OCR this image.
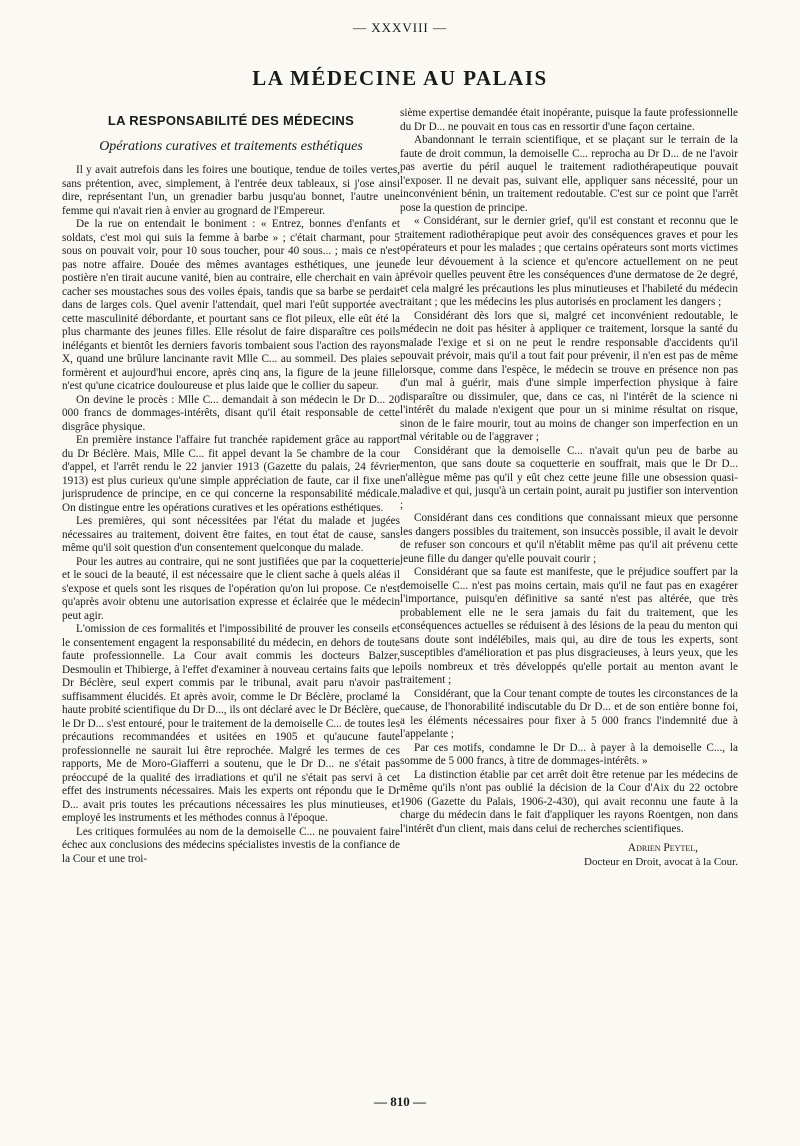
— XXXVIII —
LA MÉDECINE AU PALAIS
LA RESPONSABILITÉ DES MÉDECINS
Opérations curatives et traitements esthétiques

Il y avait autrefois dans les foires une boutique, tendue de toiles vertes, sans prétention, avec, simplement, à l'entrée deux tableaux, si j'ose ainsi dire, représentant l'un, un grenadier barbu jusqu'au bonnet, l'autre une femme qui n'avait rien à envier au grognard de l'Empereur.

De la rue on entendait le boniment : « Entrez, bonnes d'enfants et soldats, c'est moi qui suis la femme à barbe » ; c'était charmant, pour 5 sous on pouvait voir, pour 10 sous toucher, pour 40 sous... ; mais ce n'est pas notre affaire. Douée des mêmes avantages esthétiques, une jeune postière n'en tirait aucune vanité, bien au contraire, elle cherchait en vain à cacher ses moustaches sous des voiles épais, tandis que sa barbe se perdait dans de larges cols. Quel avenir l'attendait, quel mari l'eût supportée avec cette masculinité débordante, et pourtant sans ce flot pileux, elle eût été la plus charmante des jeunes filles. Elle résolut de faire disparaître ces poils inélégants et bientôt les derniers favoris tombaient sous l'action des rayons X, quand une brûlure lancinante ravit Mlle C... au sommeil. Des plaies se formèrent et aujourd'hui encore, après cinq ans, la figure de la jeune fille n'est qu'une cicatrice douloureuse et plus laide que le collier du sapeur.

On devine le procès : Mlle C... demandait à son médecin le Dr D... 20 000 francs de dommages-intérêts, disant qu'il était responsable de cette disgrâce physique.

En première instance l'affaire fut tranchée rapidement grâce au rapport du Dr Béclère. Mais, Mlle C... fit appel devant la 5e chambre de la cour d'appel, et l'arrêt rendu le 22 janvier 1913 (Gazette du palais, 24 février 1913) est plus curieux qu'une simple appréciation de faute, car il fixe une jurisprudence de principe, en ce qui concerne la responsabilité médicale. On distingue entre les opérations curatives et les opérations esthétiques.

Les premières, qui sont nécessitées par l'état du malade et jugées nécessaires au traitement, doivent être faites, en tout état de cause, sans même qu'il soit question d'un consentement quelconque du malade.

Pour les autres au contraire, qui ne sont justifiées que par la coquetterie et le souci de la beauté, il est nécessaire que le client sache à quels aléas il s'expose et quels sont les risques de l'opération qu'on lui propose. Ce n'est qu'après avoir obtenu une autorisation expresse et éclairée que le médecin peut agir.

L'omission de ces formalités et l'impossibilité de prouver les conseils et le consentement engagent la responsabilité du médecin, en dehors de toute faute professionnelle. La Cour avait commis les docteurs Balzer, Desmoulin et Thibierge, à l'effet d'examiner à nouveau certains faits que le Dr Béclère, seul expert commis par le tribunal, avait paru n'avoir pas suffisamment élucidés. Et après avoir, comme le Dr Béclère, proclamé la haute probité scientifique du Dr D..., ils ont déclaré avec le Dr Béclère, que le Dr D... s'est entouré, pour le traitement de la demoiselle C... de toutes les précautions recommandées et usitées en 1905 et qu'aucune faute professionnelle ne saurait lui être reprochée. Malgré les termes de ces rapports, Me de Moro-Giafferri a soutenu, que le Dr D... ne s'était pas préoccupé de la qualité des irradiations et qu'il ne s'était pas servi à cet effet des instruments nécessaires. Mais les experts ont répondu que le Dr D... avait pris toutes les précautions nécessaires les plus minutieuses, et employé les instruments et les méthodes connus à l'époque.

Les critiques formulées au nom de la demoiselle C... ne pouvaient faire échec aux conclusions des médecins spécialistes investis de la confiance de la Cour et une troi-

sième expertise demandée était inopérante, puisque la faute professionnelle du Dr D... ne pouvait en tous cas en ressortir d'une façon certaine.

Abandonnant le terrain scientifique, et se plaçant sur le terrain de la faute de droit commun, la demoiselle C... reprocha au Dr D... de ne l'avoir pas avertie du péril auquel le traitement radiothérapeutique pouvait l'exposer. Il ne devait pas, suivant elle, appliquer sans nécessité, pour un inconvénient bénin, un traitement redoutable. C'est sur ce point que l'arrêt pose la question de principe.

« Considérant, sur le dernier grief, qu'il est constant et reconnu que le traitement radiothérapique peut avoir des conséquences graves et pour les opérateurs et pour les malades ; que certains opérateurs sont morts victimes de leur dévouement à la science et qu'encore actuellement on ne peut prévoir quelles peuvent être les conséquences d'une dermatose de 2e degré, et cela malgré les précautions les plus minutieuses et l'habileté du médecin traitant ; que les médecins les plus autorisés en proclament les dangers ;

Considérant dès lors que si, malgré cet inconvénient redoutable, le médecin ne doit pas hésiter à appliquer ce traitement, lorsque la santé du malade l'exige et si on ne peut le rendre responsable d'accidents qu'il pouvait prévoir, mais qu'il a tout fait pour prévenir, il n'en est pas de même lorsque, comme dans l'espèce, le médecin se trouve en présence non pas d'un mal à guérir, mais d'une simple imperfection physique à faire disparaître ou dissimuler, que, dans ce cas, ni l'intérêt de la science ni l'intérêt du malade n'exigent que pour un si minime résultat on risque, sinon de le faire mourir, tout au moins de changer son imperfection en un mal véritable ou de l'aggraver ;

Considérant que la demoiselle C... n'avait qu'un peu de barbe au menton, que sans doute sa coquetterie en souffrait, mais que le Dr D... n'allègue même pas qu'il y eût chez cette jeune fille une obsession quasi-maladive et qui, jusqu'à un certain point, aurait pu justifier son intervention ;

Considérant dans ces conditions que connaissant mieux que personne les dangers possibles du traitement, son insuccès possible, il avait le devoir de refuser son concours et qu'il n'établit même pas qu'il ait prévenu cette jeune fille du danger qu'elle pouvait courir ;

Considérant que sa faute est manifeste, que le préjudice souffert par la demoiselle C... n'est pas moins certain, mais qu'il ne faut pas en exagérer l'importance, puisqu'en définitive sa santé n'est pas altérée, que très probablement elle ne le sera jamais du fait du traitement, que les conséquences actuelles se réduisent à des lésions de la peau du menton qui sans doute sont indélébiles, mais qui, au dire de tous les experts, sont susceptibles d'amélioration et pas plus disgracieuses, à leurs yeux, que les poils nombreux et très développés qu'elle portait au menton avant le traitement ;

Considérant, que la Cour tenant compte de toutes les circonstances de la cause, de l'honorabilité indiscutable du Dr D... et de son entière bonne foi, a les éléments nécessaires pour fixer à 5 000 francs l'indemnité due à l'appelante ;

Par ces motifs, condamne le Dr D... à payer à la demoiselle C..., la somme de 5 000 francs, à titre de dommages-intérêts. »

La distinction établie par cet arrêt doit être retenue par les médecins de même qu'ils n'ont pas oublié la décision de la Cour d'Aix du 22 octobre 1906 (Gazette du Palais, 1906-2-430), qui avait reconnu une faute à la charge du médecin dans le fait d'appliquer les rayons Roentgen, non dans l'intérêt d'un client, mais dans celui de recherches scientifiques.

Adrien Peytel,
Docteur en Droit, avocat à la Cour.
— 810 —
